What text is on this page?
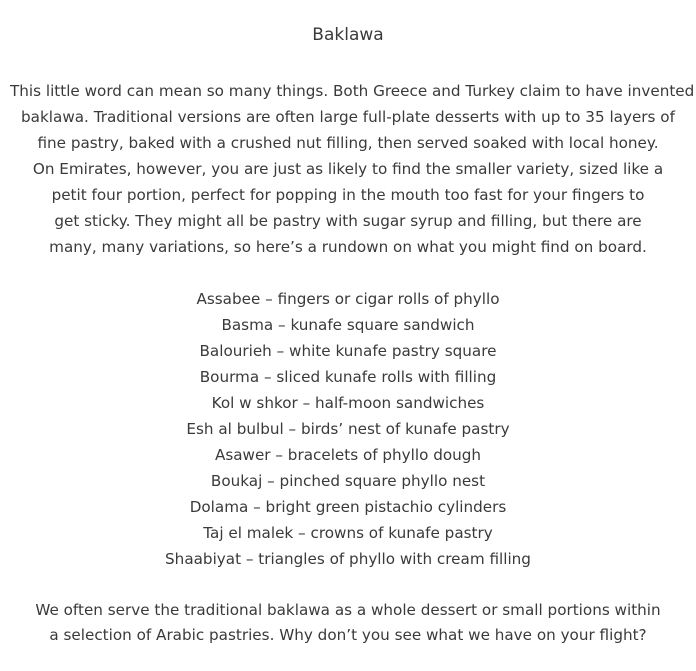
Baklawa

This little word can mean so many things. Both Greece and Turkey claim to have invented
baklawa. Traditional versions are often large full-plate desserts with up to 35 layers of
fine pastry, baked with a crushed nut filling, then served soaked with local honey.
On Emirates, however, you are just as likely to find the smaller variety, sized like a
petit four portion, perfect for popping in the mouth too fast for your fingers to
get sticky. They might all be pastry with sugar syrup and filling, but there are
many, many variations, so here’s a rundown on what you might find on board.

Assabee – fingers or cigar rolls of phyllo
Basma – kunafe square sandwich
Balourieh – white kunafe pastry square
Bourma – sliced kunafe rolls with filling
Kol w shkor – half-moon sandwiches
Esh al bulbul – birds’ nest of kunafe pastry
Asawer – bracelets of phyllo dough
Boukaj – pinched square phyllo nest
Dolama – bright green pistachio cylinders
Taj el malek – crowns of kunafe pastry
Shaabiyat – triangles of phyllo with cream filling

We often serve the traditional baklawa as a whole dessert or small portions within
a selection of Arabic pastries. Why don’t you see what we have on your flight?
